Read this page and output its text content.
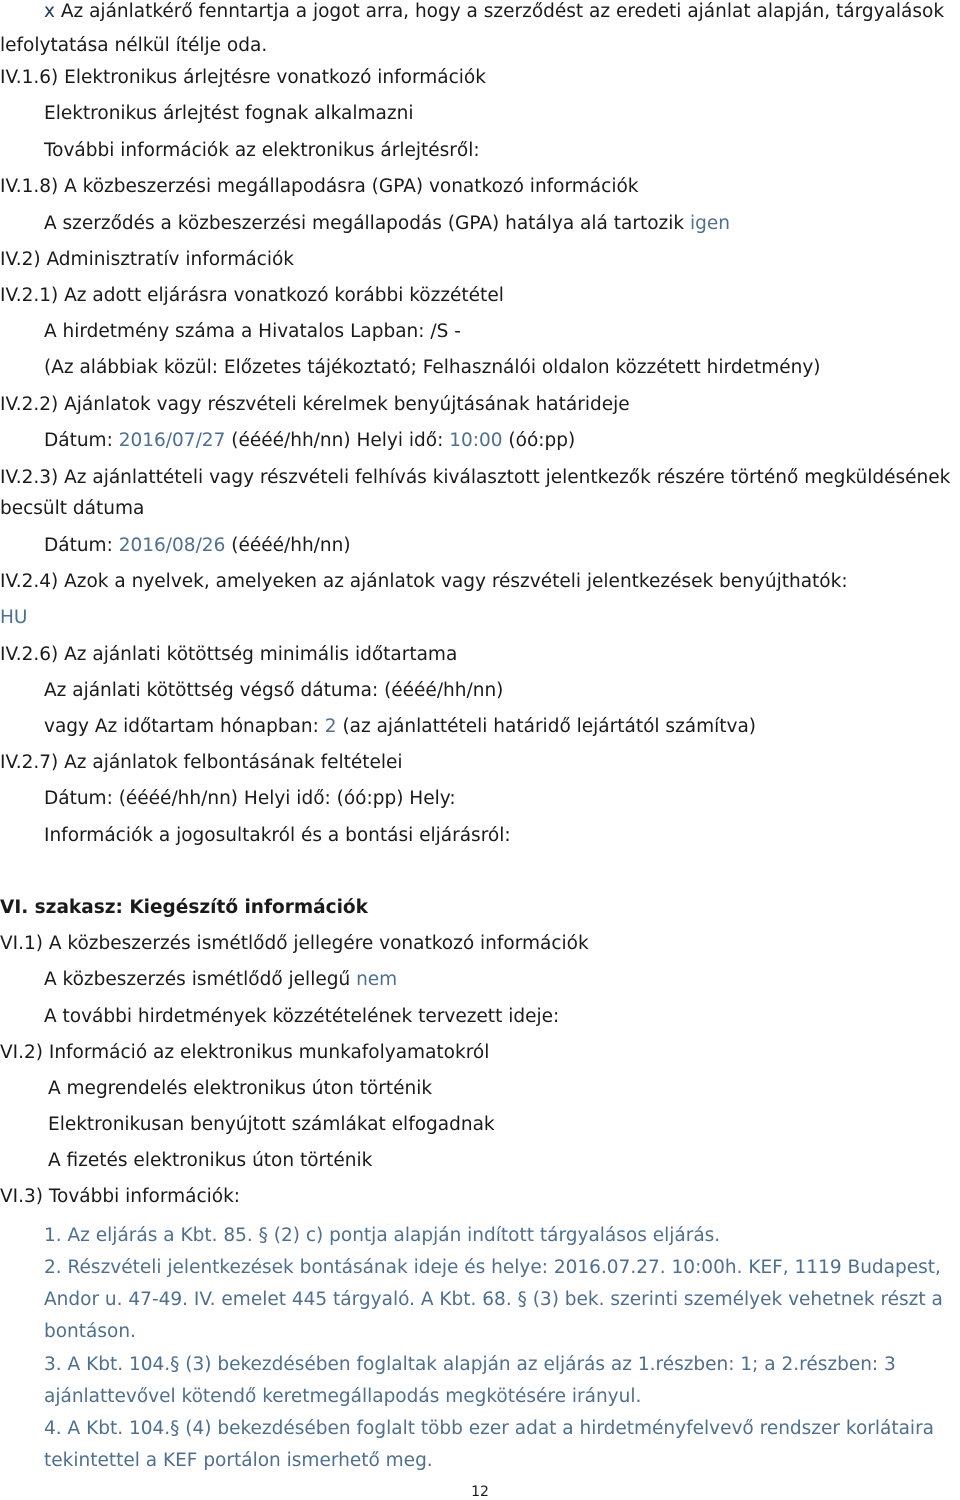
x Az ajánlatkérő fenntartja a jogot arra, hogy a szerződést az eredeti ajánlat alapján, tárgyalások
lefolytatása nélkül ítélje oda.
IV.1.6) Elektronikus árlejtésre vonatkozó információk
Elektronikus árlejtést fognak alkalmazni
További információk az elektronikus árlejtésről:
IV.1.8) A közbeszerzési megállapodásra (GPA) vonatkozó információk
A szerződés a közbeszerzési megállapodás (GPA) hatálya alá tartozik igen
IV.2) Adminisztratív információk
IV.2.1) Az adott eljárásra vonatkozó korábbi közzététel
A hirdetmény száma a Hivatalos Lapban: /S -
(Az alábbiak közül: Előzetes tájékoztató; Felhasználói oldalon közzétett hirdetmény)
IV.2.2) Ajánlatok vagy részvételi kérelmek benyújtásának határideje
Dátum: 2016/07/27 (éééé/hh/nn) Helyi idő: 10:00 (óó:pp)
IV.2.3) Az ajánlattételi vagy részvételi felhívás kiválasztott jelentkezők részére történő megküldésének
becsült dátuma
Dátum: 2016/08/26 (éééé/hh/nn)
IV.2.4) Azok a nyelvek, amelyeken az ajánlatok vagy részvételi jelentkezések benyújthatók:
HU
IV.2.6) Az ajánlati kötöttség minimális időtartama
Az ajánlati kötöttség végső dátuma: (éééé/hh/nn)
vagy Az időtartam hónapban: 2 (az ajánlattételi határidő lejártától számítva)
IV.2.7) Az ajánlatok felbontásának feltételei
Dátum: (éééé/hh/nn) Helyi idő: (óó:pp) Hely:
Információk a jogosultakról és a bontási eljárásról:
VI. szakasz: Kiegészítő információk
VI.1) A közbeszerzés ismétlődő jellegére vonatkozó információk
A közbeszerzés ismétlődő jellegű nem
A további hirdetmények közzétételének tervezett ideje:
VI.2) Információ az elektronikus munkafolyamatokról
A megrendelés elektronikus úton történik
Elektronikusan benyújtott számlákat elfogadnak
A fizetés elektronikus úton történik
VI.3) További információk:
1. Az eljárás a Kbt. 85. § (2) c) pontja alapján indított tárgyalásos eljárás.
2. Részvételi jelentkezések bontásának ideje és helye: 2016.07.27. 10:00h. KEF, 1119 Budapest, Andor u. 47-49. IV. emelet 445 tárgyaló. A Kbt. 68. § (3) bek. szerinti személyek vehetnek részt a bontáson.
3. A Kbt. 104.§ (3) bekezdésében foglaltak alapján az eljárás az 1.részben: 1; a 2.részben: 3 ajánlattevővel kötendő keretmegállapodás megkötésére irányul.
4. A Kbt. 104.§ (4) bekezdésében foglalt több ezer adat a hirdetményfelvevő rendszer korlátaira tekintettel a KEF portálon ismerhető meg.
12
